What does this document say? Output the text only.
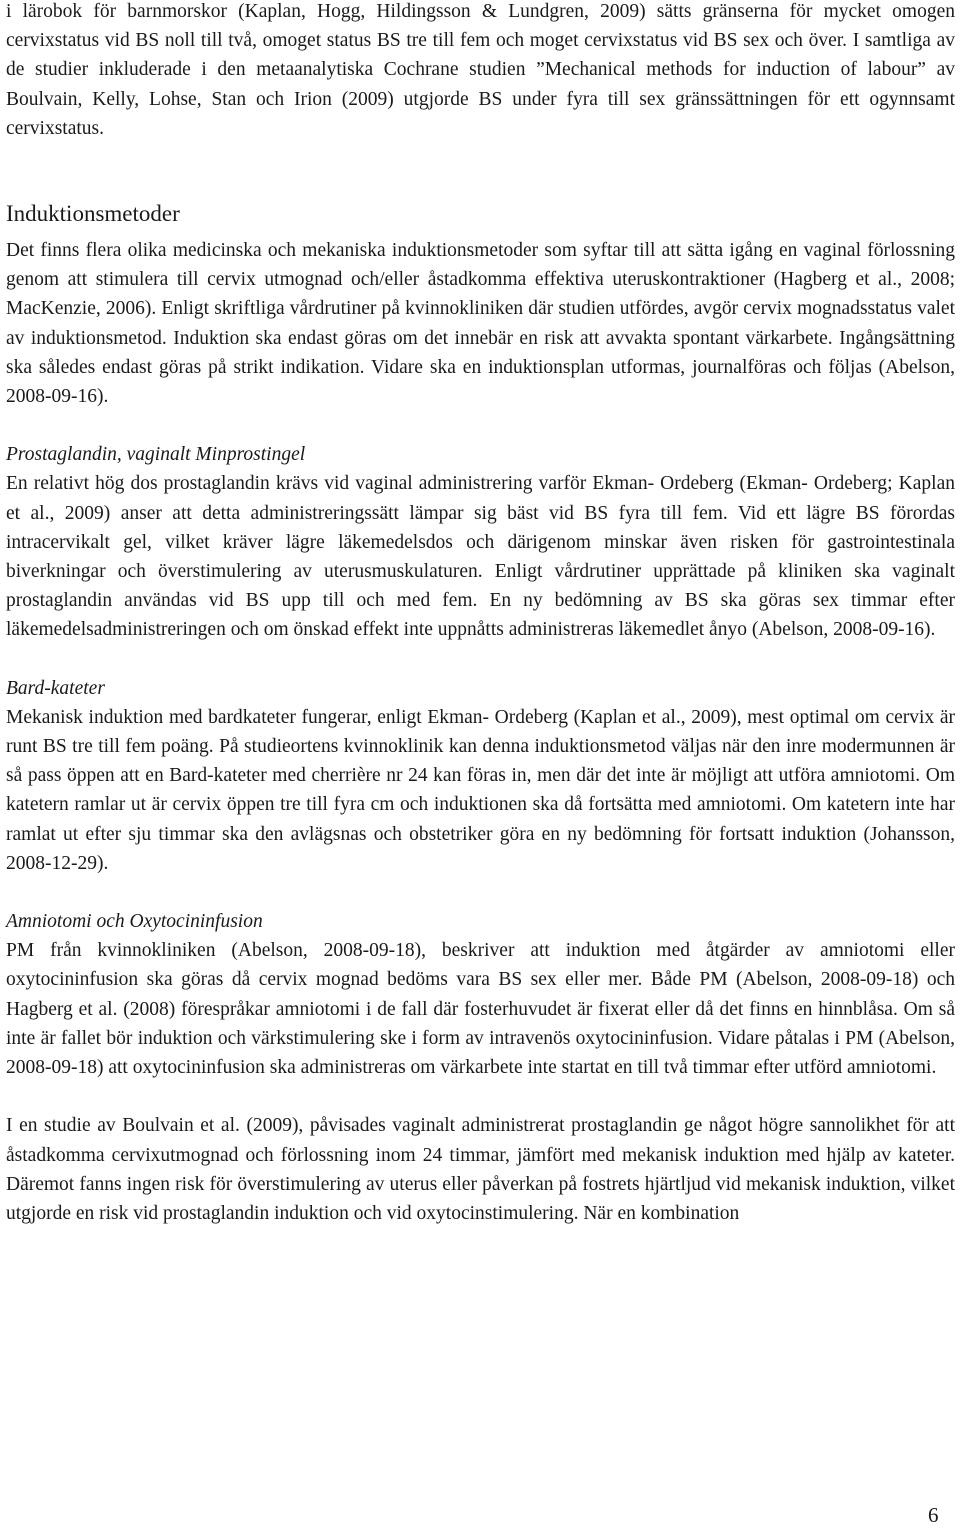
i lärobok för barnmorskor (Kaplan, Hogg, Hildingsson & Lundgren, 2009) sätts gränserna för mycket omogen cervixstatus vid BS noll till två, omoget status BS tre till fem och moget cervixstatus vid BS sex och över. I samtliga av de studier inkluderade i den metaanalytiska Cochrane studien ”Mechanical methods for induction of labour” av Boulvain, Kelly, Lohse, Stan och Irion (2009) utgjorde BS under fyra till sex gränssättningen för ett ogynnsamt cervixstatus.

Induktionsmetoder

Det finns flera olika medicinska och mekaniska induktionsmetoder som syftar till att sätta igång en vaginal förlossning genom att stimulera till cervix utmognad och/eller åstadkomma effektiva uteruskontraktioner (Hagberg et al., 2008; MacKenzie, 2006). Enligt skriftliga vårdrutiner på kvinnokliniken där studien utfördes, avgör cervix mognadsstatus valet av induktionsmetod. Induktion ska endast göras om det innebär en risk att avvakta spontant värkarbete. Ingångsättning ska således endast göras på strikt indikation. Vidare ska en induktionsplan utformas, journalföras och följas (Abelson, 2008-09-16).

Prostaglandin, vaginalt Minprostingel

En relativt hög dos prostaglandin krävs vid vaginal administrering varför Ekman- Ordeberg (Ekman- Ordeberg; Kaplan et al., 2009) anser att detta administreringssätt lämpar sig bäst vid BS fyra till fem. Vid ett lägre BS förordas intracervikalt gel, vilket kräver lägre läkemedelsdos och därigenom minskar även risken för gastrointestinala biverkningar och överstimulering av uterusmuskulaturen. Enligt vårdrutiner upprättade på kliniken ska vaginalt prostaglandin användas vid BS upp till och med fem. En ny bedömning av BS ska göras sex timmar efter läkemedelsadministreringen och om önskad effekt inte uppnåtts administreras läkemedlet ånyo (Abelson, 2008-09-16).

Bard-kateter

Mekanisk induktion med bardkateter fungerar, enligt Ekman- Ordeberg (Kaplan et al., 2009), mest optimal om cervix är runt BS tre till fem poäng. På studieortens kvinnoklinik kan denna induktionsmetod väljas när den inre modermunnen är så pass öppen att en Bard-kateter med cherrière nr 24 kan föras in, men där det inte är möjligt att utföra amniotomi. Om katetern ramlar ut är cervix öppen tre till fyra cm och induktionen ska då fortsätta med amniotomi. Om katetern inte har ramlat ut efter sju timmar ska den avlägsnas och obstetriker göra en ny bedömning för fortsatt induktion (Johansson, 2008-12-29).

Amniotomi och Oxytocininfusion

PM från kvinnokliniken (Abelson, 2008-09-18), beskriver att induktion med åtgärder av amniotomi eller oxytocininfusion ska göras då cervix mognad bedöms vara BS sex eller mer. Både PM (Abelson, 2008-09-18) och Hagberg et al. (2008) förespråkar amniotomi i de fall där fosterhuvudet är fixerat eller då det finns en hinnblåsa. Om så inte är fallet bör induktion och värkstimulering ske i form av intravenös oxytocininfusion. Vidare påtalas i PM (Abelson, 2008-09-18) att oxytocininfusion ska administreras om värkarbete inte startat en till två timmar efter utförd amniotomi.

I en studie av Boulvain et al. (2009), påvisades vaginalt administrerat prostaglandin ge något högre sannolikhet för att åstadkomma cervixutmognad och förlossning inom 24 timmar, jämfört med mekanisk induktion med hjälp av kateter. Däremot fanns ingen risk för överstimulering av uterus eller påverkan på fostrets hjärtljud vid mekanisk induktion, vilket utgjorde en risk vid prostaglandin induktion och vid oxytocinstimulering. När en kombination

6
